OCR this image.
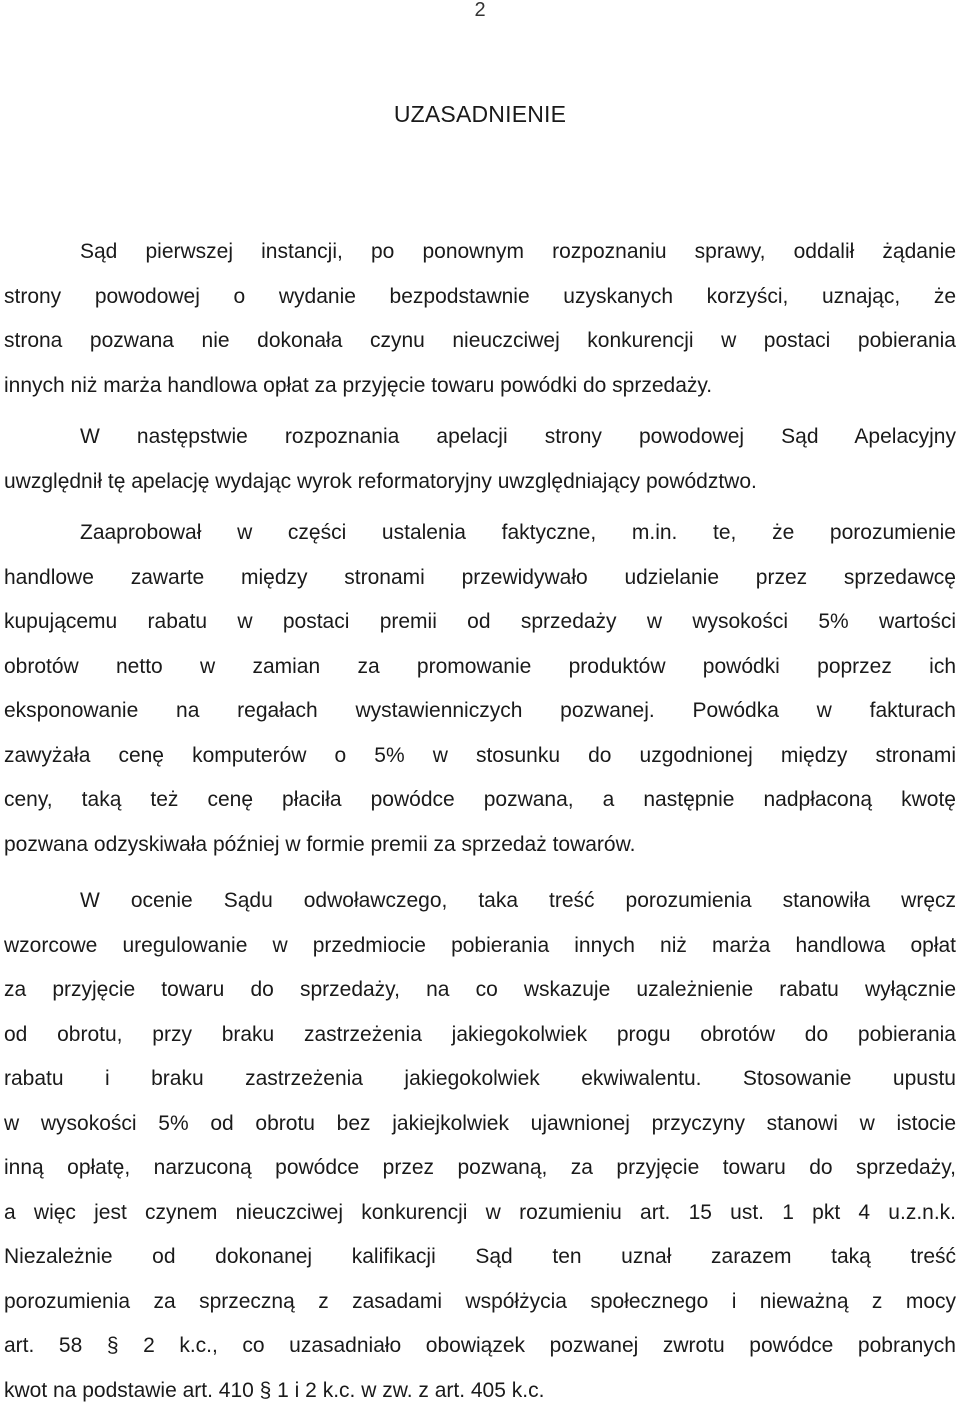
2
UZASADNIENIE
Sąd pierwszej instancji, po ponownym rozpoznaniu sprawy, oddalił żądanie
strony powodowej o wydanie bezpodstawnie uzyskanych korzyści, uznając, że
strona pozwana nie dokonała czynu nieuczciwej konkurencji w postaci pobierania
innych niż marża handlowa opłat za przyjęcie towaru powódki do sprzedaży.
W następstwie rozpoznania apelacji strony powodowej Sąd Apelacyjny
uwzględnił tę apelację wydając wyrok reformatoryjny uwzględniający powództwo.
Zaaprobował w części ustalenia faktyczne, m.in. te, że porozumienie
handlowe zawarte między stronami przewidywało udzielanie przez sprzedawcę
kupującemu rabatu w postaci premii od sprzedaży w wysokości 5% wartości
obrotów netto w zamian za promowanie produktów powódki poprzez ich
eksponowanie na regałach wystawienniczych pozwanej. Powódka w fakturach
zawyżała cenę komputerów o 5% w stosunku do uzgodnionej między stronami
ceny, taką też cenę płaciła powódce pozwana, a następnie nadpłaconą kwotę
pozwana odzyskiwała później w formie premii za sprzedaż towarów.
W ocenie Sądu odwoławczego, taka treść porozumienia stanowiła wręcz
wzorcowe uregulowanie w przedmiocie pobierania innych niż marża handlowa opłat
za przyjęcie towaru do sprzedaży, na co wskazuje uzależnienie rabatu wyłącznie
od obrotu, przy braku zastrzeżenia jakiegokolwiek progu obrotów do pobierania
rabatu i braku zastrzeżenia jakiegokolwiek ekwiwalentu. Stosowanie upustu
w wysokości 5% od obrotu bez jakiejkolwiek ujawnionej przyczyny stanowi w istocie
inną opłatę, narzuconą powódce przez pozwaną, za przyjęcie towaru do sprzedaży,
a więc jest czynem nieuczciwej konkurencji w rozumieniu art. 15 ust. 1 pkt 4 u.z.n.k.
Niezależnie od dokonanej kalifikacji Sąd ten uznał zarazem taką treść
porozumienia za sprzeczną z zasadami współżycia społecznego i nieważną z mocy
art. 58 § 2 k.c., co uzasadniało obowiązek pozwanej zwrotu powódce pobranych
kwot na podstawie art. 410 § 1 i 2 k.c. w zw. z art. 405 k.c.
